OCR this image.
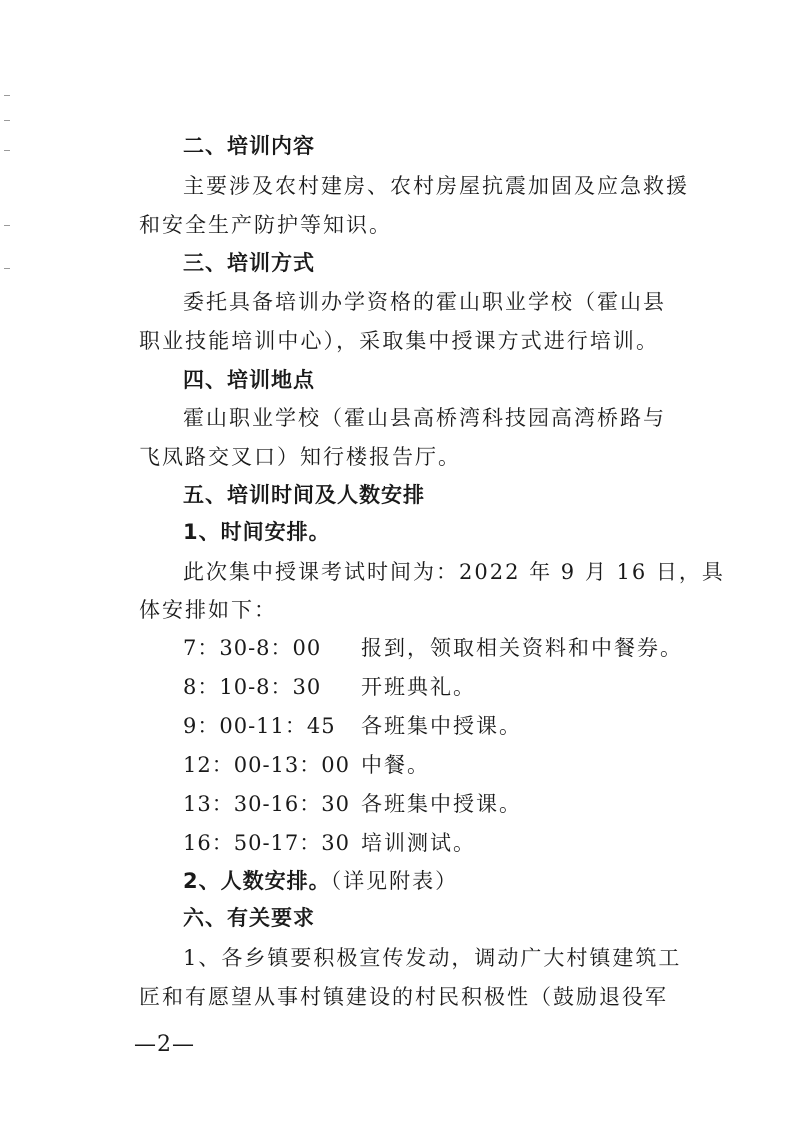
二、培训内容
主要涉及农村建房、农村房屋抗震加固及应急救援
和安全生产防护等知识。
三、培训方式
委托具备培训办学资格的霍山职业学校（霍山县
职业技能培训中心），采取集中授课方式进行培训。
四、培训地点
霍山职业学校（霍山县高桥湾科技园高湾桥路与
飞凤路交叉口）知行楼报告厅。
五、培训时间及人数安排
1、时间安排。
此次集中授课考试时间为：2022 年 9 月 16 日，具
体安排如下：
7：30-8：00 报到，领取相关资料和中餐券。
8：10-8：30 开班典礼。
9：00-11：45 各班集中授课。
12：00-13：00 中餐。
13：30-16：30 各班集中授课。
16：50-17：30 培训测试。
2、人数安排。（详见附表）
六、有关要求
1、各乡镇要积极宣传发动，调动广大村镇建筑工
匠和有愿望从事村镇建设的村民积极性（鼓励退役军
—2—
